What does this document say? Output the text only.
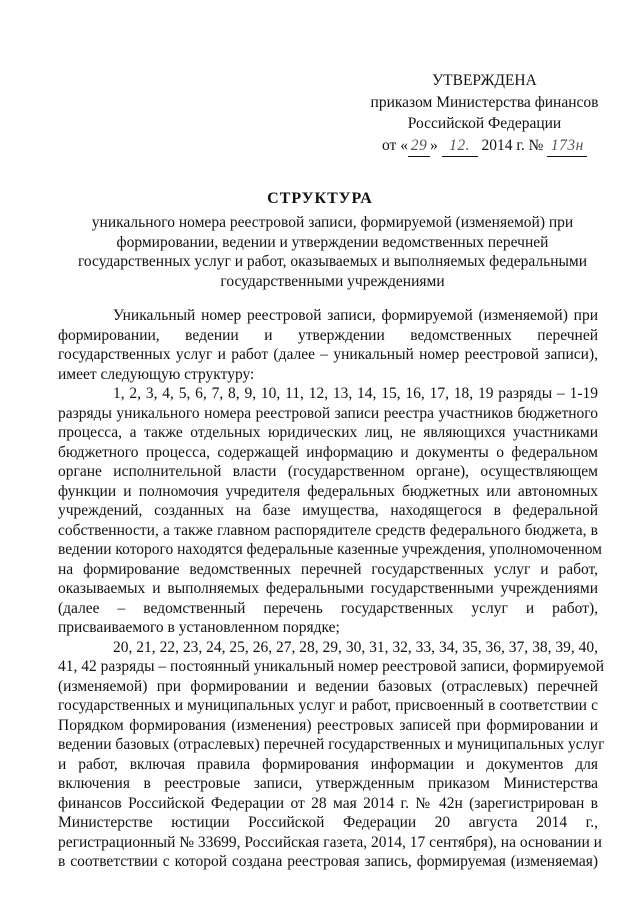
УТВЕРЖДЕНА
приказом Министерства финансов
Российской Федерации
от « 29 » 12. 2014 г. № 173н
СТРУКТУРА
уникального номера реестровой записи, формируемой (изменяемой) при
формировании, ведении и утверждении ведомственных перечней
государственных услуг и работ, оказываемых и выполняемых федеральными
государственными учреждениями
Уникальный номер реестровой записи, формируемой (изменяемой) при
формировании, ведении и утверждении ведомственных перечней
государственных услуг и работ (далее – уникальный номер реестровой записи),
имеет следующую структуру:
1, 2, 3, 4, 5, 6, 7, 8, 9, 10, 11, 12, 13, 14, 15, 16, 17, 18, 19 разряды – 1-19
разряды уникального номера реестровой записи реестра участников бюджетного
процесса, а также отдельных юридических лиц, не являющихся участниками
бюджетного процесса, содержащей информацию и документы о федеральном
органе исполнительной власти (государственном органе), осуществляющем
функции и полномочия учредителя федеральных бюджетных или автономных
учреждений, созданных на базе имущества, находящегося в федеральной
собственности, а также главном распорядителе средств федерального бюджета, в
ведении которого находятся федеральные казенные учреждения, уполномоченном
на формирование ведомственных перечней государственных услуг и работ,
оказываемых и выполняемых федеральными государственными учреждениями
(далее – ведомственный перечень государственных услуг и работ),
присваиваемого в установленном порядке;
20, 21, 22, 23, 24, 25, 26, 27, 28, 29, 30, 31, 32, 33, 34, 35, 36, 37, 38, 39, 40,
41, 42 разряды – постоянный уникальный номер реестровой записи, формируемой
(изменяемой) при формировании и ведении базовых (отраслевых) перечней
государственных и муниципальных услуг и работ, присвоенный в соответствии с
Порядком формирования (изменения) реестровых записей при формировании и
ведении базовых (отраслевых) перечней государственных и муниципальных услуг
и работ, включая правила формирования информации и документов для
включения в реестровые записи, утвержденным приказом Министерства
финансов Российской Федерации от 28 мая 2014 г. № 42н (зарегистрирован в
Министерстве юстиции Российской Федерации 20 августа 2014 г.,
регистрационный № 33699, Российская газета, 2014, 17 сентября), на основании и
в соответствии с которой создана реестровая запись, формируемая (изменяемая)
